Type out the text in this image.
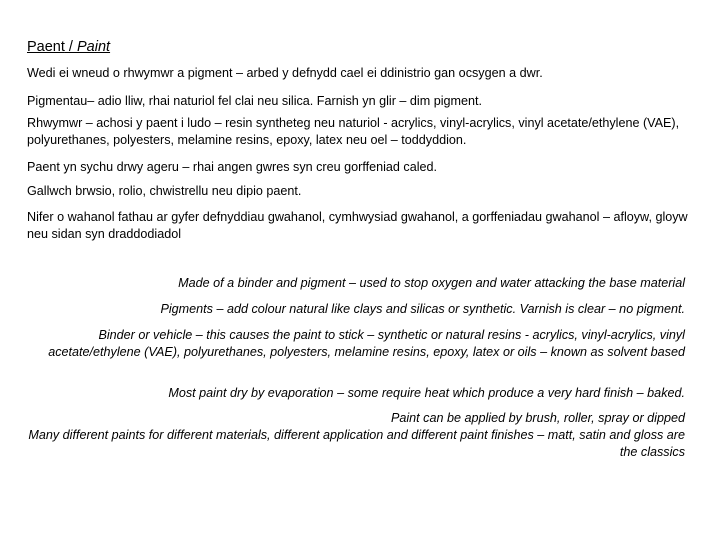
Paent / Paint

Wedi ei wneud o rhwymwr a pigment – arbed y defnydd cael ei ddinistrio gan ocsygen a dwr.

Pigmentau– adio lliw, rhai naturiol fel clai neu silica. Farnish yn glir – dim pigment.

Rhwymwr – achosi y paent i ludo – resin syntheteg neu naturiol - acrylics, vinyl-acrylics, vinyl acetate/ethylene (VAE), polyurethanes, polyesters, melamine resins, epoxy, latex neu oel – toddyddion.

Paent yn sychu drwy ageru – rhai angen gwres syn creu gorffeniad caled.

Gallwch brwsio, rolio, chwistrellu neu dipio paent.

Nifer o wahanol fathau ar gyfer defnyddiau gwahanol, cymhwysiad gwahanol, a gorffeniadau gwahanol – afloyw, gloyw neu sidan syn draddodiadol

Made of a binder and pigment – used to stop oxygen and water attacking the base material

Pigments – add colour natural like clays and silicas or synthetic. Varnish is clear – no pigment.

Binder or vehicle – this causes the paint to stick – synthetic or natural resins - acrylics, vinyl-acrylics, vinyl acetate/ethylene (VAE), polyurethanes, polyesters, melamine resins, epoxy, latex or oils – known as solvent based

Most paint dry by evaporation – some require heat which produce a very hard finish – baked.

Paint can be applied by brush, roller, spray or dipped

Many different paints for different materials, different application and different paint finishes – matt, satin and gloss are the classics
